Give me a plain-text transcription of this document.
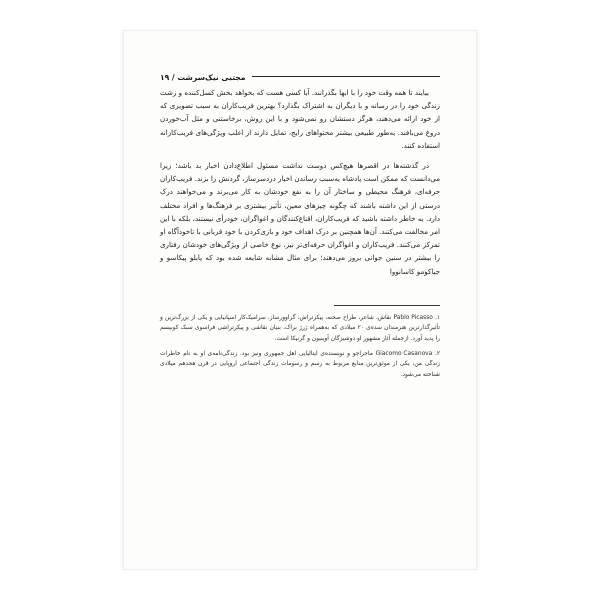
مجتبی نیک‌سرشت / ۱۹

بیایند تا همه وقت خود را با ابها بگذرانند. آیا کسی هست که بخواهد بخش کسل‌کننده و زشت زندگی خود را در رسانه و با دیگران به اشتراک بگذارد؟ بهترین فریب‌کاران به سبب تصویری که از خود ارائه می‌دهند، هرگز دستشان رو نمی‌شود و با این روش، برخاستنی و مثل آب‌خوردن دروغ می‌بافند. به‌طور طبیعی بیشتر محتواهای رایج، تمایل دارند از اغلب ویژگی‌های فریب‌کارانه استفاده کنند.

در گذشته‌ها در اقصرها هیچ‌کس دوست نداشت مسئول اطلاع‌دادن اخبار بد باشد؛ زیرا می‌دانست که ممکن است پادشاه به‌سبب رساندن اخبار دردسرساز، گردنش را بزند. فریب‌کاران حرفه‌ای، فرهنگ محیطی و ساختار آن را به نفع خودشان به کار می‌برند و می‌خواهند درک درستی از این داشته باشند که چگونه چیزهای معین، تأثیر بیشتری بر فرهنگ‌ها و افراد مختلف دارد. به خاطر داشته باشید که فریب‌کاران، اقناع‌کنندگان و اغواگران، خودرأی نیستند، بلکه با این امر مخالفت می‌کنند. آن‌ها همچنین بر درک اهداف خود و بازی‌کردن با خود قربانی با تاخودآگاه او تمرکز می‌کنند. فریب‌کاران و اغواگران حرفه‌ای‌تر نیز، نوع خاصی از ویژگی‌های خودشان رفتاری را بیشتر در سنین جوانی بروز می‌دهند؛ برای مثال مشابه شایعه شده بود که پابلو پیکاسو و جیاکومو کاسانووا

۱. Pablo Picasso نقاش، شاعر، طراح صحنه، پیکرتراش، گراوورساز، سرامیک‌کار اسپانیایی و یکی از بزرگ‌ترین و تأثیرگذارترین هنرمندان سده‌ی ۲۰ میلادی که به‌همراه ژرژ براک، بنیان نقاشی و پیکرتراشی فراسوی سبک کوبیسم را پدید آورد. ازجمله آثار مشهور او دوشیزگان آوینیون و گرنیکا است.

۲. Giacomo Casanova ماجراجو و نویسنده‌ی ایتالیایی اهل جمهوری ونیز بود. زندگی‌نامه‌ی او به نام خاطرات زندگی من، یکی از موثق‌ترین منابع مربوط به رسم و رسومات زندگی اجتماعی اروپایی در قرن هجدهم میلادی شناخته می‌شود.
